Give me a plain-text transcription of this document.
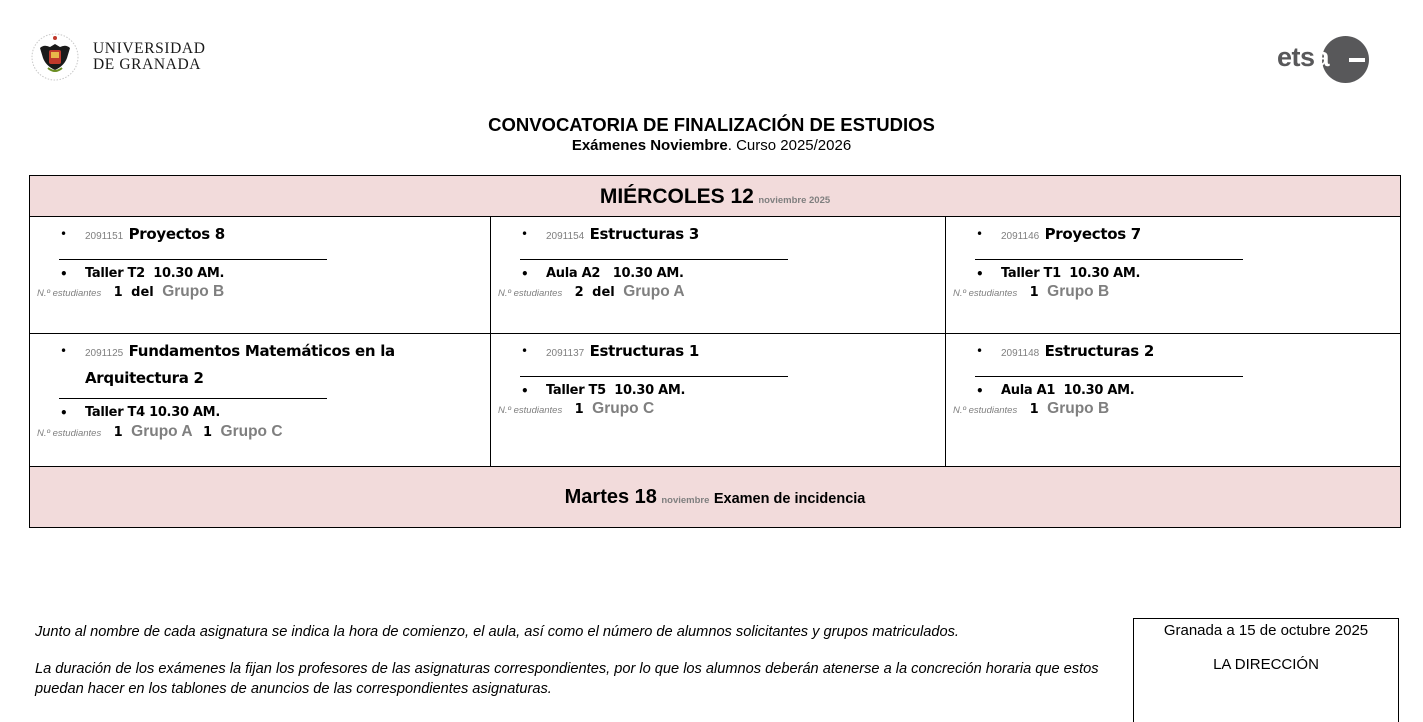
UNIVERSIDAD
DE GRANADA	etsa
CONVOCATORIA DE FINALIZACIÓN DE ESTUDIOS
Exámenes Noviembre. Curso 2025/2026
MIÉRCOLES 12 noviembre 2025
•	2091151 Proyectos 8
• Taller T2  10.30 AM.
N.º estudiantes 1 del Grupo B
•	2091154 Estructuras 3
• Aula A2   10.30 AM.
N.º estudiantes 2 del Grupo A
•	2091146 Proyectos 7
• Taller T1  10.30 AM.
N.º estudiantes 1 Grupo B
•	2091125 Fundamentos Matemáticos en la Arquitectura 2
• Taller T4 10.30 AM.
N.º estudiantes 1 Grupo A 1 Grupo C
•	2091137 Estructuras 1
• Taller T5  10.30 AM.
N.º estudiantes 1 Grupo C
•	2091148 Estructuras 2
• Aula A1  10.30 AM.
N.º estudiantes 1 Grupo B
Martes 18 noviembre Examen de incidencia

Junto al nombre de cada asignatura se indica la hora de comienzo, el aula, así como el número de alumnos solicitantes y grupos matriculados.

La duración de los exámenes la fijan los profesores de las asignaturas correspondientes, por lo que los alumnos deberán atenerse a la concreción horaria que estos puedan hacer en los tablones de anuncios de las correspondientes asignaturas.

Granada a 15 de octubre 2025
LA DIRECCIÓN
